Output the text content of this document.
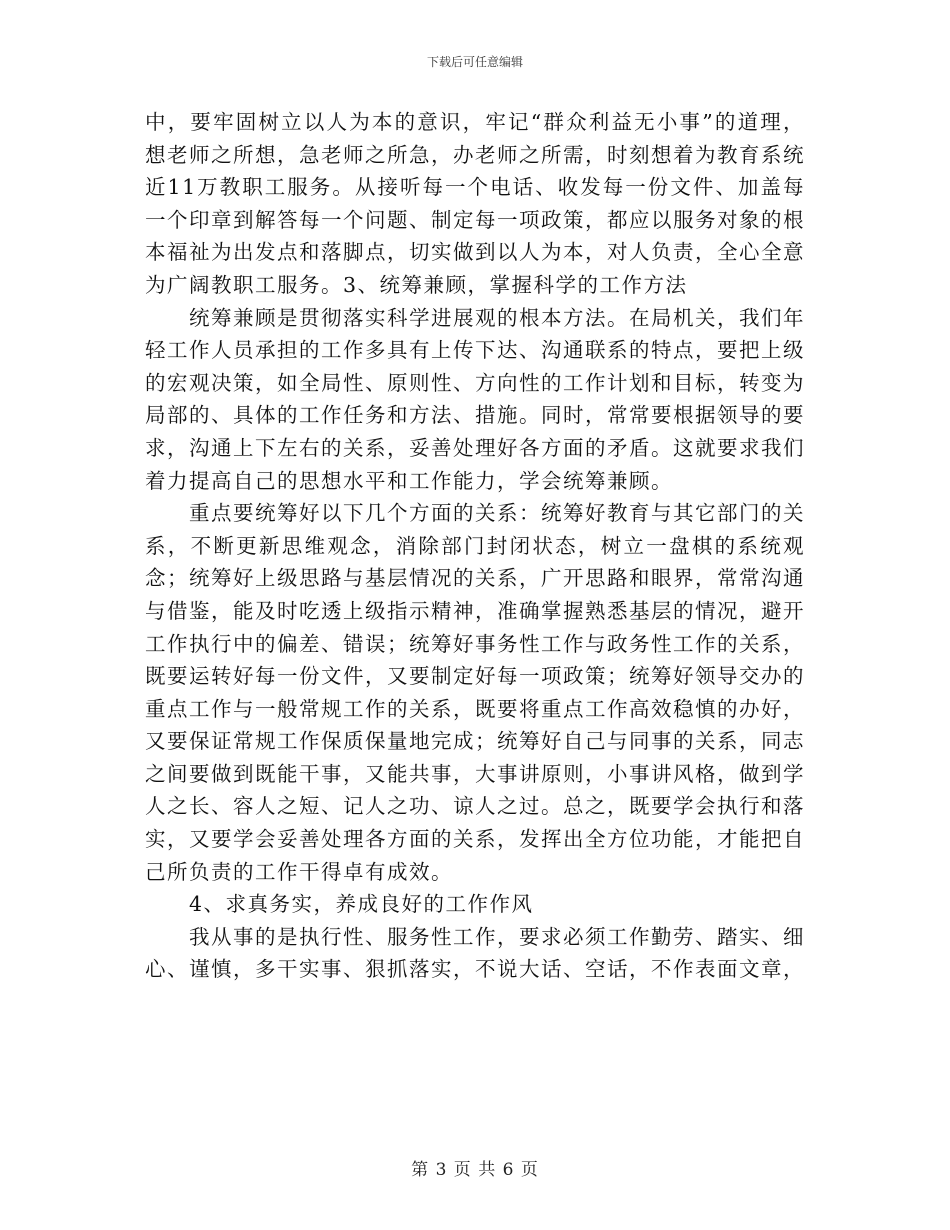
下载后可任意编辑

中，要牢固树立以人为本的意识，牢记“群众利益无小事”的道理，想老师之所想，急老师之所急，办老师之所需，时刻想着为教育系统近11万教职工服务。从接听每一个电话、收发每一份文件、加盖每一个印章到解答每一个问题、制定每一项政策，都应以服务对象的根本福祉为出发点和落脚点，切实做到以人为本，对人负责，全心全意为广阔教职工服务。3、统筹兼顾，掌握科学的工作方法

统筹兼顾是贯彻落实科学进展观的根本方法。在局机关，我们年轻工作人员承担的工作多具有上传下达、沟通联系的特点，要把上级的宏观决策，如全局性、原则性、方向性的工作计划和目标，转变为局部的、具体的工作任务和方法、措施。同时，常常要根据领导的要求，沟通上下左右的关系，妥善处理好各方面的矛盾。这就要求我们着力提高自己的思想水平和工作能力，学会统筹兼顾。

重点要统筹好以下几个方面的关系：统筹好教育与其它部门的关系，不断更新思维观念，消除部门封闭状态，树立一盘棋的系统观念；统筹好上级思路与基层情况的关系，广开思路和眼界，常常沟通与借鉴，能及时吃透上级指示精神，准确掌握熟悉基层的情况，避开工作执行中的偏差、错误；统筹好事务性工作与政务性工作的关系，既要运转好每一份文件，又要制定好每一项政策；统筹好领导交办的重点工作与一般常规工作的关系，既要将重点工作高效稳慎的办好，又要保证常规工作保质保量地完成；统筹好自己与同事的关系，同志之间要做到既能干事，又能共事，大事讲原则，小事讲风格，做到学人之长、容人之短、记人之功、谅人之过。总之，既要学会执行和落实，又要学会妥善处理各方面的关系，发挥出全方位功能，才能把自己所负责的工作干得卓有成效。

4、求真务实，养成良好的工作作风

我从事的是执行性、服务性工作，要求必须工作勤劳、踏实、细心、谨慎，多干实事、狠抓落实，不说大话、空话，不作表面文章，

第 3 页 共 6 页
